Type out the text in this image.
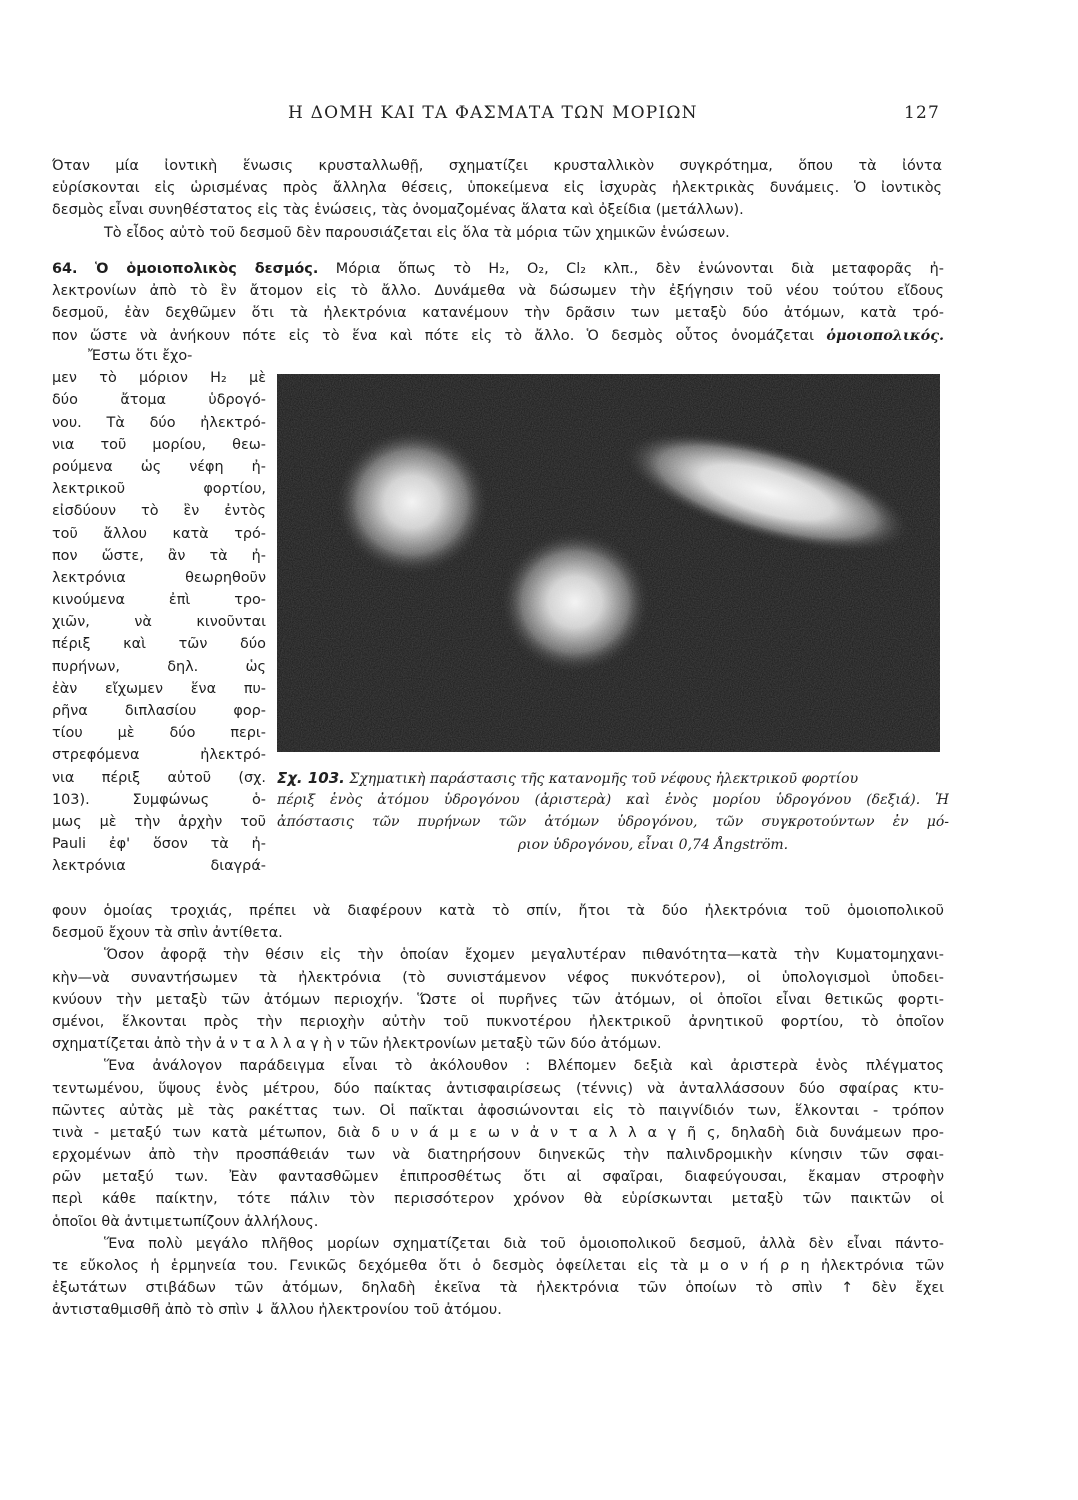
Η ΔΟΜΗ ΚΑΙ ΤΑ ΦΑΣΜΑΤΑ ΤΩΝ ΜΟΡΙΩΝ	127
Όταν μία ἰοντικὴ ἕνωσις κρυσταλλωθῇ, σχηματίζει κρυσταλλικὸν συγκρότημα, ὅπου τὰ ἰόντα
εὑρίσκονται εἰς ὡρισμένας πρὸς ἄλληλα θέσεις, ὑποκείμενα εἰς ἰσχυρὰς ἠλεκτρικὰς δυνάμεις. Ὁ ἰοντικὸς
δεσμὸς εἶναι συνηθέστατος εἰς τὰς ἑνώσεις, τὰς ὀνομαζομένας ἅλατα καὶ ὀξείδια (μετάλλων).
Τὸ εἶδος αὐτὸ τοῦ δεσμοῦ δὲν παρουσιάζεται εἰς ὅλα τὰ μόρια τῶν χημικῶν ἑνώσεων.
64. Ὁ ὁμοιοπολικὸς δεσμός. Μόρια ὅπως τὸ H₂, O₂, Cl₂ κλπ., δὲν ἑνώνονται διὰ μεταφορᾶς ἠ-
λεκτρονίων ἀπὸ τὸ ἓν ἄτομον εἰς τὸ ἄλλο. Δυνάμεθα νὰ δώσωμεν τὴν ἐξήγησιν τοῦ νέου τούτου εἴδους
δεσμοῦ, ἐὰν δεχθῶμεν ὅτι τὰ ἠλεκτρόνια κατανέμουν τὴν δρᾶσιν των μεταξὺ δύο ἀτόμων, κατὰ τρό-
πον ὥστε νὰ ἀνήκουν πότε εἰς τὸ ἕνα καὶ πότε εἰς τὸ ἄλλο. Ὁ δεσμὸς οὗτος ὀνομάζεται ὁμοιοπολικός.
Ἔστω ὅτι ἔχο-
μεν τὸ μόριον H₂ μὲ
δύο ἄτομα ὑδρογό-
νου. Τὰ δύο ἠλεκτρό-
νια τοῦ μορίου, θεω-
ρούμενα ὡς νέφη ἠ-
λεκτρικοῦ φορτίου,
εἰσδύουν τὸ ἓν ἐντὸς
τοῦ ἄλλου κατὰ τρό-
πον ὥστε, ἂν τὰ ἠ-
λεκτρόνια θεωρηθοῦν
κινούμενα ἐπὶ τρο-
χιῶν, νὰ κινοῦνται
πέριξ καὶ τῶν δύο
πυρήνων, δηλ. ὡς
ἐὰν εἴχωμεν ἕνα πυ-
ρῆνα διπλασίου φορ-
τίου μὲ δύο περι-
στρεφόμενα ἠλεκτρό-
νια πέριξ αὐτοῦ (σχ.
103). Συμφώνως ὁ-
μως μὲ τὴν ἀρχὴν τοῦ
Pauli ἐφ' ὅσον τὰ ἠ-
λεκτρόνια διαγρά-
Σχ. 103. Σχηματικὴ παράστασις τῆς κατανομῆς τοῦ νέφους ἠλεκτρικοῦ φορτίου
πέριξ ἑνὸς ἀτόμου ὑδρογόνου (ἀριστερὰ) καὶ ἑνὸς μορίου ὑδρογόνου (δεξιά). Ἡ
ἀπόστασις τῶν πυρήνων τῶν ἀτόμων ὑδρογόνου, τῶν συγκροτούντων ἐν μό-
ριον ὑδρογόνου, εἶναι 0,74 Ångström.
φουν ὁμοίας τροχιάς, πρέπει νὰ διαφέρουν κατὰ τὸ σπίν, ἤτοι τὰ δύο ἠλεκτρόνια τοῦ ὁμοιοπολικοῦ
δεσμοῦ ἔχουν τὰ σπὶν ἀντίθετα.
Ὅσον ἀφορᾷ τὴν θέσιν εἰς τὴν ὁποίαν ἔχομεν μεγαλυτέραν πιθανότητα—κατὰ τὴν Κυματομηχανι-
κὴν—νὰ συναντήσωμεν τὰ ἠλεκτρόνια (τὸ συνιστάμενον νέφος πυκνότερον), οἱ ὑπολογισμοὶ ὑποδει-
κνύουν τὴν μεταξὺ τῶν ἀτόμων περιοχήν. Ὥστε οἱ πυρῆνες τῶν ἀτόμων, οἱ ὁποῖοι εἶναι θετικῶς φορτι-
σμένοι, ἕλκονται πρὸς τὴν περιοχὴν αὐτὴν τοῦ πυκνοτέρου ἠλεκτρικοῦ ἀρνητικοῦ φορτίου, τὸ ὁποῖον
σχηματίζεται ἀπὸ τὴν ἀ ν τ α λ λ α γ ὴ ν τῶν ἠλεκτρονίων μεταξὺ τῶν δύο ἀτόμων.
Ἕνα ἀνάλογον παράδειγμα εἶναι τὸ ἀκόλουθον : Βλέπομεν δεξιὰ καὶ ἀριστερὰ ἑνὸς πλέγματος
τεντωμένου, ὕψους ἑνὸς μέτρου, δύο παίκτας ἀντισφαιρίσεως (τέννις) νὰ ἀνταλλάσσουν δύο σφαίρας κτυ-
πῶντες αὐτὰς μὲ τὰς ρακέττας των. Οἱ παῖκται ἀφοσιώνονται εἰς τὸ παιγνίδιόν των, ἕλκονται - τρόπον
τινὰ - μεταξύ των κατὰ μέτωπον, διὰ δ υ ν ά μ ε ω ν ἀ ν τ α λ λ α γ ῆ ς, δηλαδὴ διὰ δυνάμεων προ-
ερχομένων ἀπὸ τὴν προσπάθειάν των νὰ διατηρήσουν διηνεκῶς τὴν παλινδρομικὴν κίνησιν τῶν σφαι-
ρῶν μεταξύ των. Ἐὰν φαντασθῶμεν ἐπιπροσθέτως ὅτι αἱ σφαῖραι, διαφεύγουσαι, ἔκαμαν στροφὴν
περὶ κάθε παίκτην, τότε πάλιν τὸν περισσότερον χρόνον θὰ εὑρίσκωνται μεταξὺ τῶν παικτῶν οἱ
ὁποῖοι θὰ ἀντιμετωπίζουν ἀλλήλους.
Ἕνα πολὺ μεγάλο πλῆθος μορίων σχηματίζεται διὰ τοῦ ὁμοιοπολικοῦ δεσμοῦ, ἀλλὰ δὲν εἶναι πάντο-
τε εὔκολος ἡ ἑρμηνεία του. Γενικῶς δεχόμεθα ὅτι ὁ δεσμὸς ὀφείλεται εἰς τὰ μ ο ν ή ρ η ἠλεκτρόνια τῶν
ἐξωτάτων στιβάδων τῶν ἀτόμων, δηλαδὴ ἐκεῖνα τὰ ἠλεκτρόνια τῶν ὁποίων τὸ σπὶν ↑ δὲν ἔχει
ἀντισταθμισθῆ ἀπὸ τὸ σπὶν ↓ ἄλλου ἠλεκτρονίου τοῦ ἀτόμου.
